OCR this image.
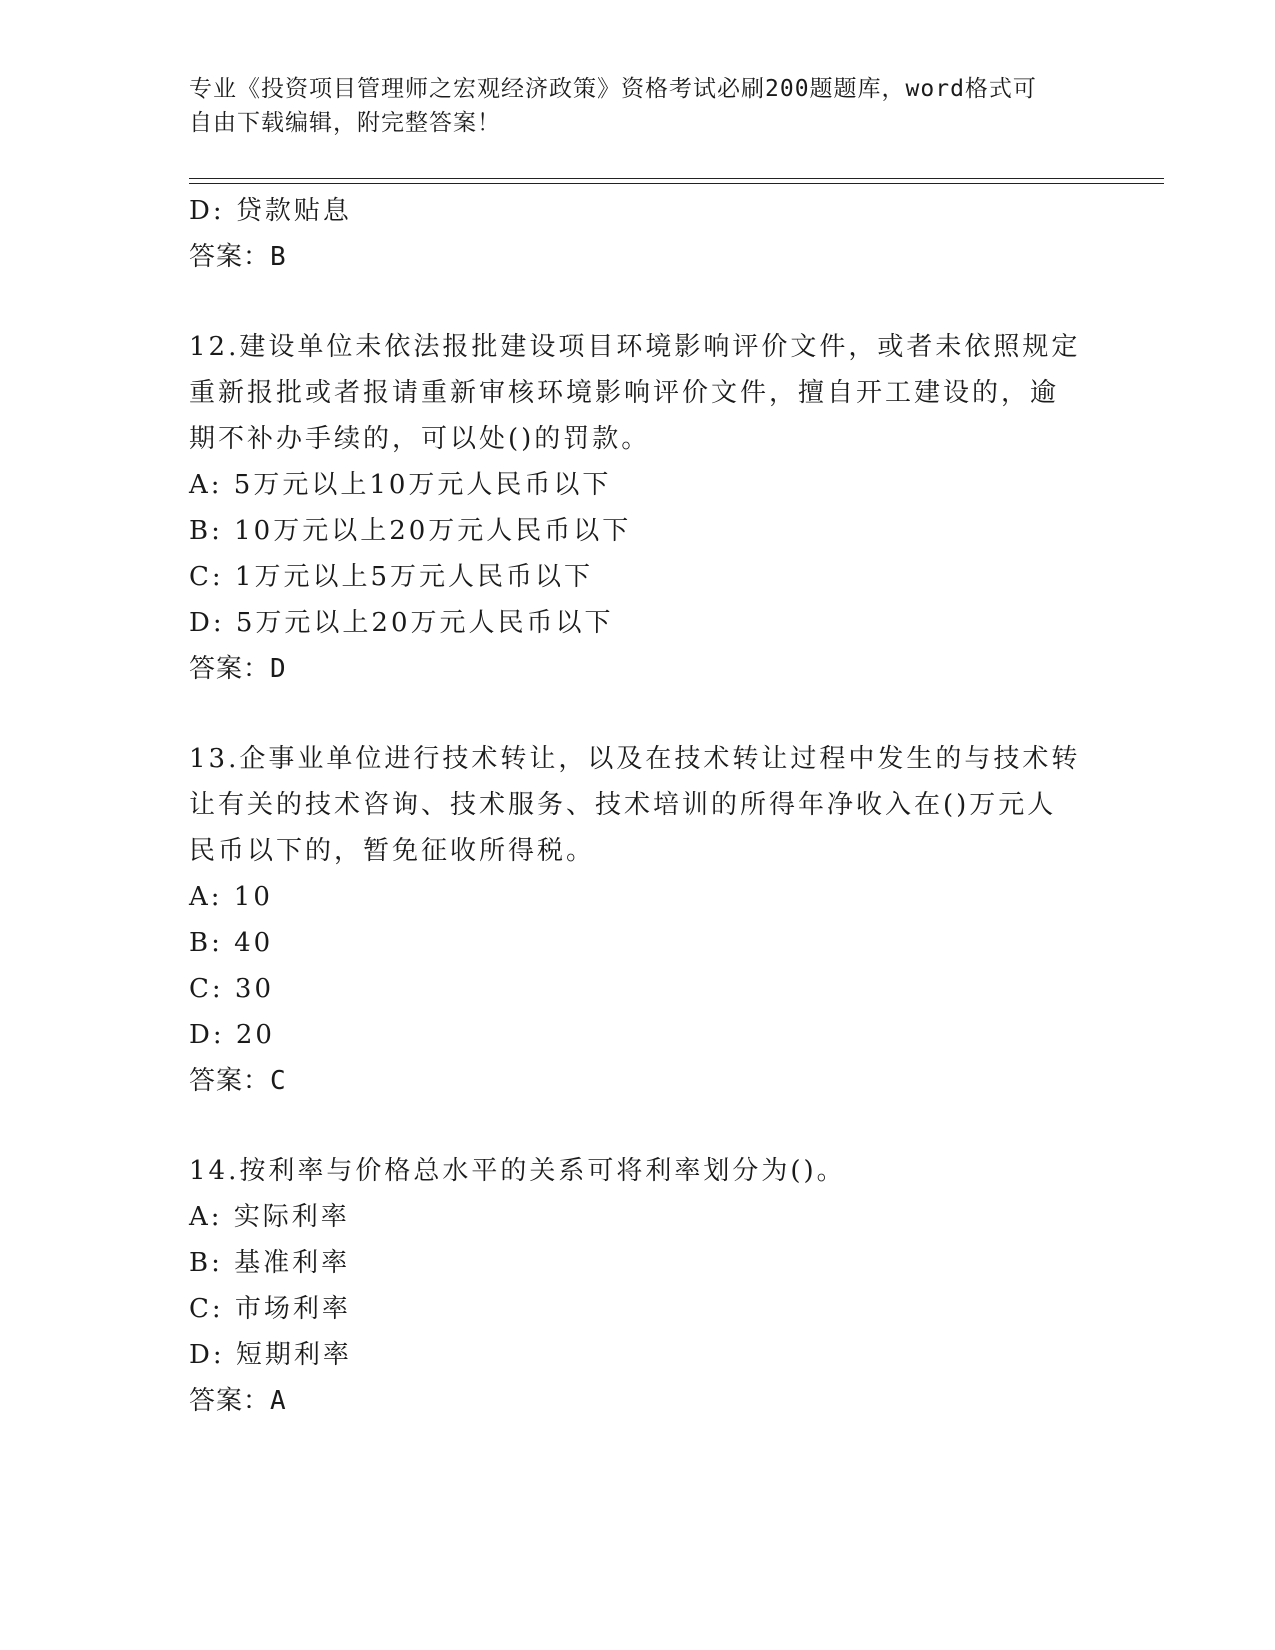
专业《投资项目管理师之宏观经济政策》资格考试必刷200题题库，word格式可
自由下载编辑，附完整答案！
D: 贷款贴息
答案：B
12.建设单位未依法报批建设项目环境影响评价文件，或者未依照规定
重新报批或者报请重新审核环境影响评价文件，擅自开工建设的，逾
期不补办手续的，可以处()的罚款。
A: 5万元以上10万元人民币以下
B: 10万元以上20万元人民币以下
C: 1万元以上5万元人民币以下
D: 5万元以上20万元人民币以下
答案：D
13.企事业单位进行技术转让，以及在技术转让过程中发生的与技术转
让有关的技术咨询、技术服务、技术培训的所得年净收入在()万元人
民币以下的，暂免征收所得税。
A: 10
B: 40
C: 30
D: 20
答案：C
14.按利率与价格总水平的关系可将利率划分为()。
A: 实际利率
B: 基准利率
C: 市场利率
D: 短期利率
答案：A
